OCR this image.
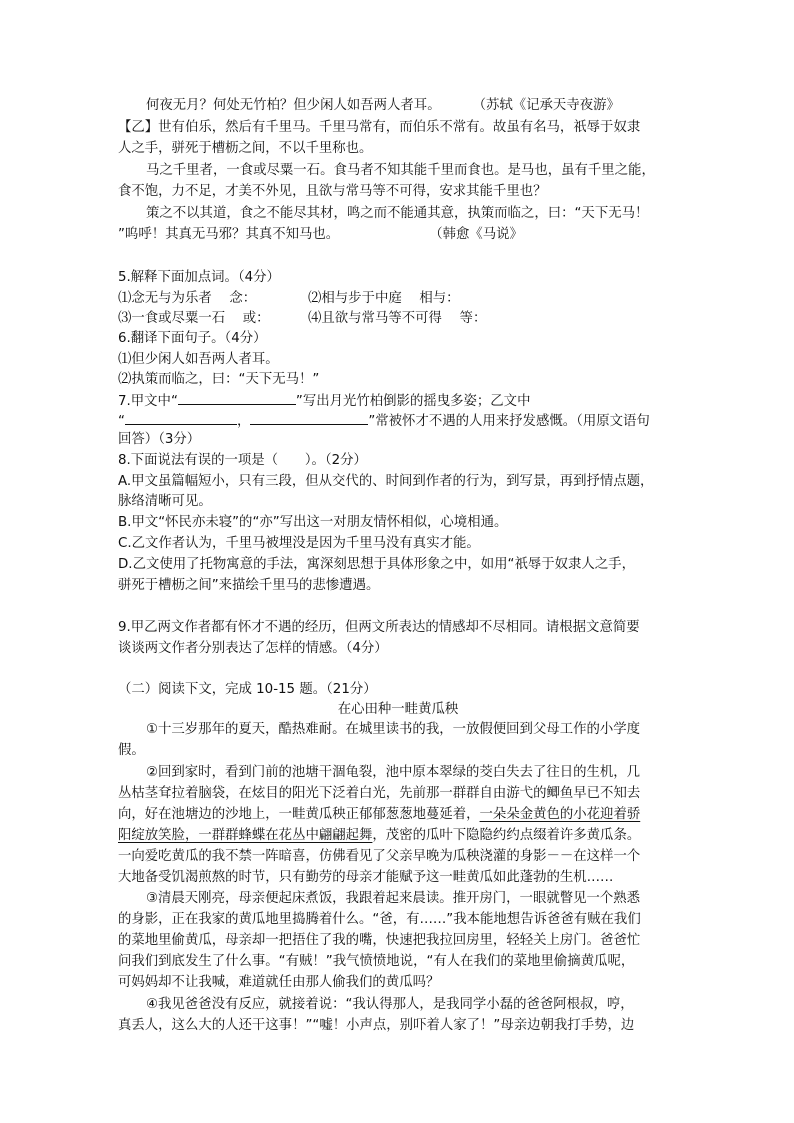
何夜无月？何处无竹柏？但少闲人如吾两人者耳。 （苏轼《记承天寺夜游》
【乙】世有伯乐，然后有千里马。千里马常有，而伯乐不常有。故虽有名马，祇辱于奴隶
人之手，骈死于槽枥之间，不以千里称也。
马之千里者，一食或尽粟一石。食马者不知其能千里而食也。是马也，虽有千里之能，
食不饱，力不足，才美不外见，且欲与常马等不可得，安求其能千里也？
策之不以其道，食之不能尽其材，鸣之而不能通其意，执策而临之，曰：“天下无马！
”呜呼！其真无马邪？其真不知马也。	（韩愈《马说》
5.解释下面加点词。（4分）
⑴念无与为乐者　 念：	⑵相与步于中庭　 相与：
⑶一食或尽粟一石　 或：	⑷且欲与常马等不可得　 等：
6.翻译下面句子。（4分）
⑴但少闲人如吾两人者耳。
⑵执策而临之，曰：“天下无马！”
7.甲文中“	”写出月光竹柏倒影的摇曳多姿；乙文中
“	，	”常被怀才不遇的人用来抒发感慨。（用原文语句
回答）（3分）
8.下面说法有误的一项是（　　）。（2分）
A.甲文虽篇幅短小，只有三段，但从交代的、时间到作者的行为，到写景，再到抒情点题，
脉络清晰可见。
B.甲文“怀民亦未寝”的“亦”写出这一对朋友情怀相似，心境相通。
C.乙文作者认为，千里马被埋没是因为千里马没有真实才能。
D.乙文使用了托物寓意的手法，寓深刻思想于具体形象之中，如用“祇辱于奴隶人之手，
骈死于槽枥之间”来描绘千里马的悲惨遭遇。
9.甲乙两文作者都有怀才不遇的经历，但两文所表达的情感却不尽相同。请根据文意简要
谈谈两文作者分别表达了怎样的情感。（4分）
（二）阅读下文，完成 10-15 题。（21分）
在心田种一畦黄瓜秧
①十三岁那年的夏天，酷热难耐。在城里读书的我，一放假便回到父母工作的小学度
假。
②回到家时，看到门前的池塘干涸龟裂，池中原本翠绿的茭白失去了往日的生机，几
丛枯茎耷拉着脑袋，在炫目的阳光下泛着白光，先前那一群群自由游弋的鲫鱼早已不知去
向，好在池塘边的沙地上，一畦黄瓜秧正郁郁葱葱地蔓延着，一朵朵金黄色的小花迎着骄
阳绽放笑脸，一群群蜂蝶在花丛中翩翩起舞，茂密的瓜叶下隐隐约约点缀着许多黄瓜条。
一向爱吃黄瓜的我不禁一阵暗喜，仿佛看见了父亲早晚为瓜秧浇灌的身影－－在这样一个
大地备受饥渴煎熬的时节，只有勤劳的母亲才能赋予这一畦黄瓜如此蓬勃的生机……
③清晨天刚亮，母亲便起床煮饭，我跟着起来晨读。推开房门，一眼就瞥见一个熟悉
的身影，正在我家的黄瓜地里捣腾着什么。“爸，有……”我本能地想告诉爸爸有贼在我们
的菜地里偷黄瓜，母亲却一把捂住了我的嘴，快速把我拉回房里，轻轻关上房门。爸爸忙
问我们到底发生了什么事。“有贼！”我气愤愤地说，“有人在我们的菜地里偷摘黄瓜呢，
可妈妈却不让我喊，难道就任由那人偷我们的黄瓜吗？
④我见爸爸没有反应，就接着说：“我认得那人，是我同学小磊的爸爸阿根叔，哼，
真丢人，这么大的人还干这事！”“嘘！小声点，别吓着人家了！”母亲边朝我打手势，边
